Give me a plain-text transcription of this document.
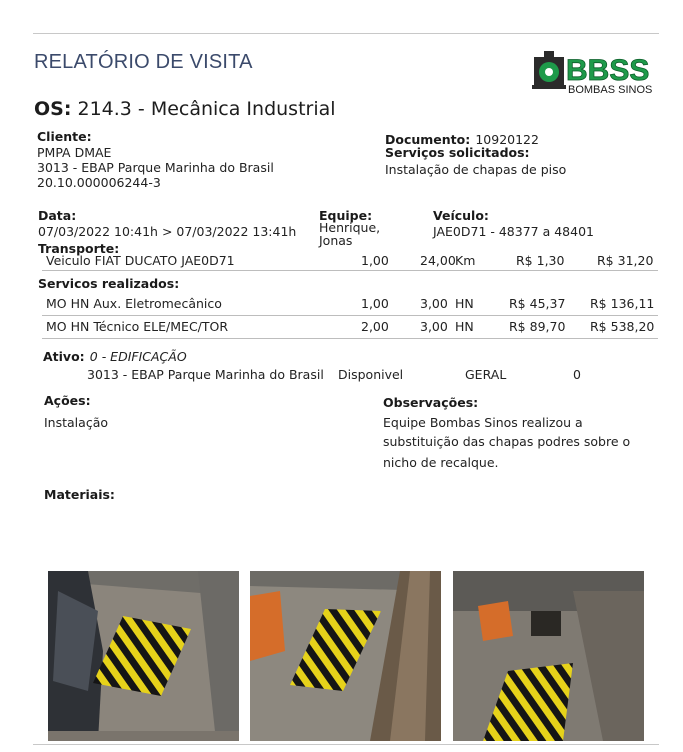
RELATÓRIO DE VISITA	BBSS
BOMBAS SINOS
OS: 214.3 - Mecânica Industrial
Cliente:
PMPA DMAE
3013 - EBAP Parque Marinha do Brasil
20.10.000006244-3
Documento: 10920122
Serviços solicitados:
Instalação de chapas de piso
Data:
07/03/2022 10:41h > 07/03/2022 13:41h
Equipe:
Henrique,
Jonas
Veículo:
JAE0D71 - 48377 a 48401
Transporte:
Veiculo FIAT DUCATO JAE0D71	1,00 24,00 Km	R$ 1,30	R$ 31,20
Servicos realizados:
MO HN Aux. Eletromecânico	1,00 3,00 HN	R$ 45,37 R$ 136,11
MO HN Técnico ELE/MEC/TOR	2,00 3,00 HN	R$ 89,70 R$ 538,20
Ativo: 0 - EDIFICAÇÃO
3013 - EBAP Parque Marinha do Brasil Disponivel	GERAL	0
Ações:
Instalação
Observações:
Equipe Bombas Sinos realizou a
substituição das chapas podres sobre o
nicho de recalque.
Materiais:
